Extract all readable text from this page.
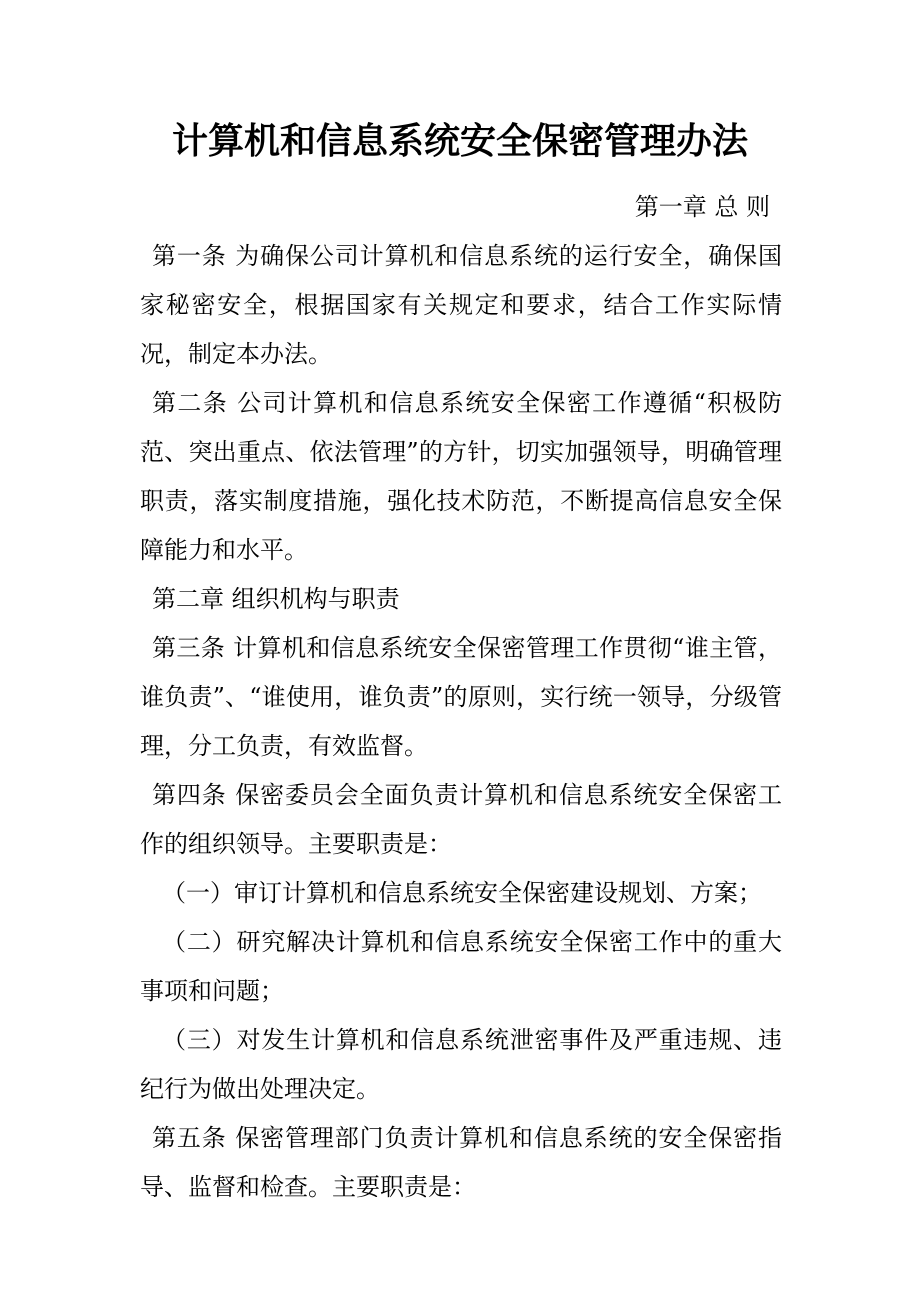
计算机和信息系统安全保密管理办法
第一章 总 则

第一条 为确保公司计算机和信息系统的运行安全，确保国家秘密安全，根据国家有关规定和要求，结合工作实际情况，制定本办法。

第二条 公司计算机和信息系统安全保密工作遵循“积极防范、突出重点、依法管理”的方针，切实加强领导，明确管理职责，落实制度措施，强化技术防范，不断提高信息安全保障能力和水平。

第二章 组织机构与职责

第三条 计算机和信息系统安全保密管理工作贯彻“谁主管，谁负责”、“谁使用，谁负责”的原则，实行统一领导，分级管理，分工负责，有效监督。

第四条 保密委员会全面负责计算机和信息系统安全保密工作的组织领导。主要职责是：

（一）审订计算机和信息系统安全保密建设规划、方案；

（二）研究解决计算机和信息系统安全保密工作中的重大事项和问题；

（三）对发生计算机和信息系统泄密事件及严重违规、违纪行为做出处理决定。

第五条 保密管理部门负责计算机和信息系统的安全保密指导、监督和检查。主要职责是：
